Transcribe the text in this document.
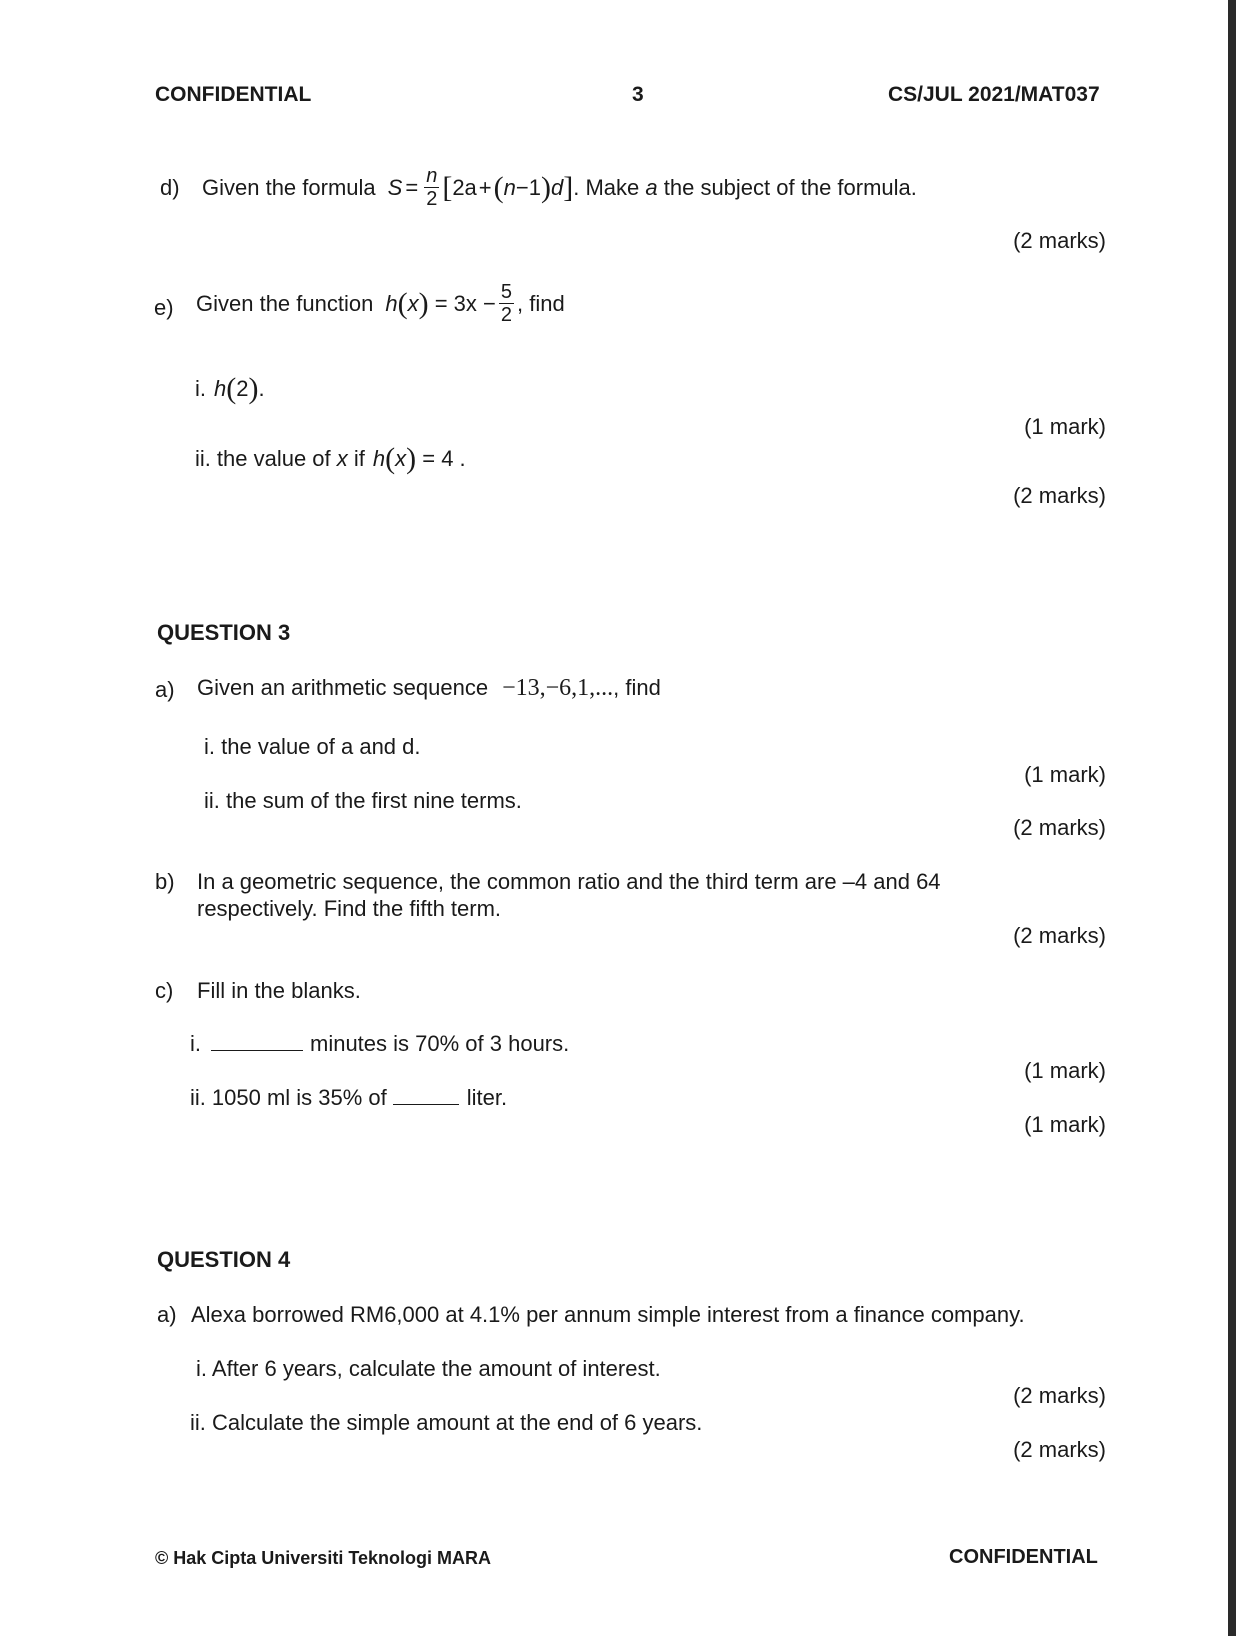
CONFIDENTIAL	3	CS/JUL 2021/MAT037
d) Given the formula $S = \frac{n}{2}$ [ 2a + ( n −1 ) d ] . Make a the subject of the formula.
(2 marks)
e) Given the function h ( x ) = $3x - \frac{5}{2}$ , find
i. h ( 2 ) .
(1 mark)
ii. the value of x if h ( x ) = 4 .
(2 marks)
QUESTION 3
a) Given an arithmetic sequence −13,−6,1,... , find
i. the value of a and d.
(1 mark)
ii. the sum of the first nine terms.
(2 marks)
b) In a geometric sequence, the common ratio and the third term are –4 and 64
respectively. Find the fifth term.
(2 marks)
c) Fill in the blanks.
i.	minutes is 70% of 3 hours.
(1 mark)
ii. 1050 ml is 35% of	liter.
(1 mark)
QUESTION 4
a) Alexa borrowed RM6,000 at 4.1% per annum simple interest from a finance company.
i. After 6 years, calculate the amount of interest.
(2 marks)
ii. Calculate the simple amount at the end of 6 years.
(2 marks)
© Hak Cipta Universiti Teknologi MARA	CONFIDENTIAL
